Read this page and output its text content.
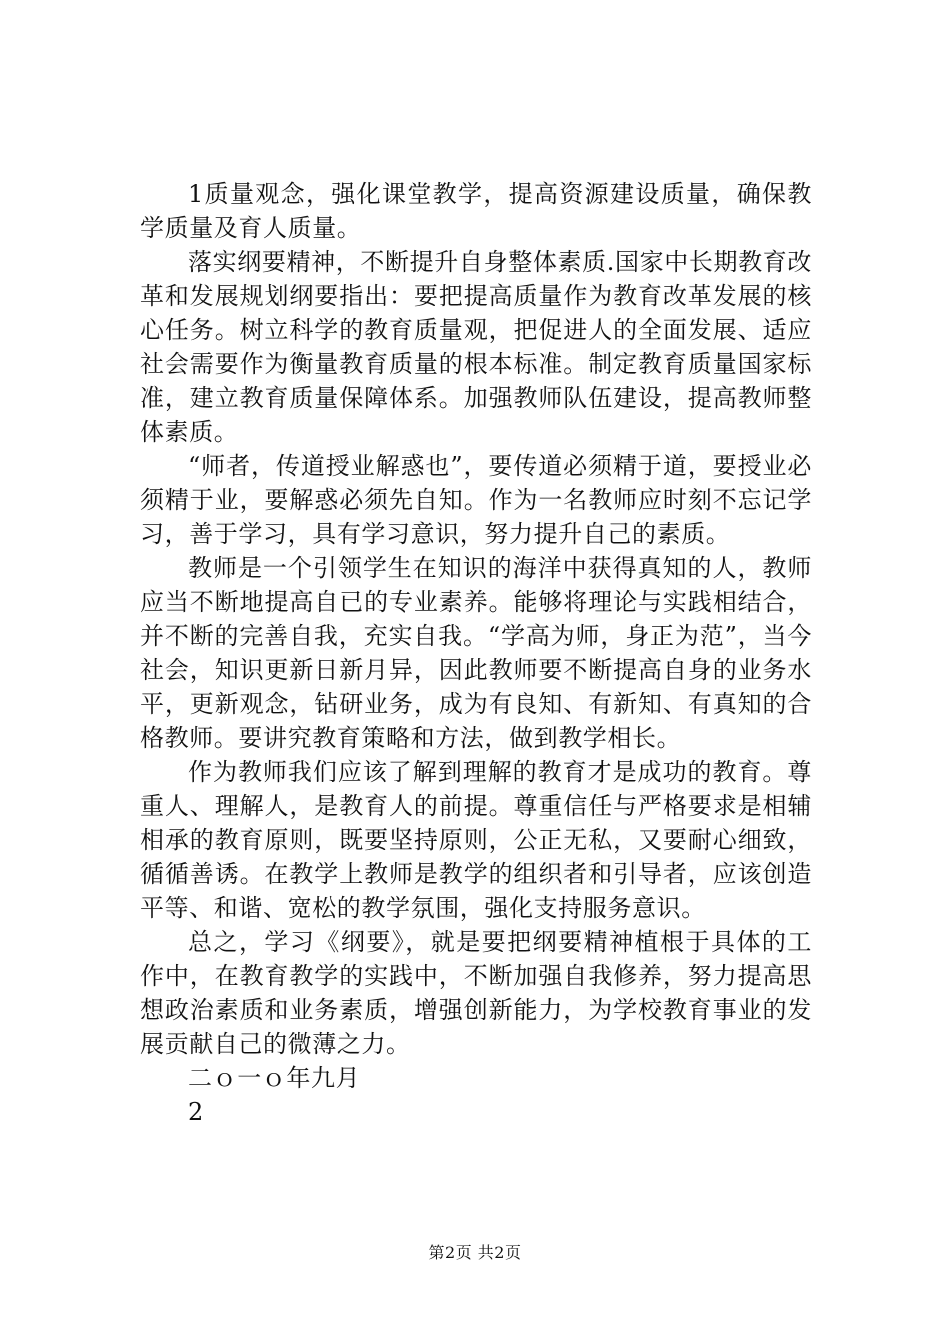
1质量观念，强化课堂教学，提高资源建设质量，确保教学质量及育人质量。

落实纲要精神，不断提升自身整体素质.国家中长期教育改革和发展规划纲要指出：要把提高质量作为教育改革发展的核心任务。树立科学的教育质量观，把促进人的全面发展、适应社会需要作为衡量教育质量的根本标准。制定教育质量国家标准，建立教育质量保障体系。加强教师队伍建设，提高教师整体素质。

“师者，传道授业解惑也”，要传道必须精于道，要授业必须精于业，要解惑必须先自知。作为一名教师应时刻不忘记学习，善于学习，具有学习意识，努力提升自己的素质。

教师是一个引领学生在知识的海洋中获得真知的人，教师应当不断地提高自已的专业素养。能够将理论与实践相结合，并不断的完善自我，充实自我。“学高为师，身正为范”，当今社会，知识更新日新月异，因此教师要不断提高自身的业务水平，更新观念，钻研业务，成为有良知、有新知、有真知的合格教师。要讲究教育策略和方法，做到教学相长。

作为教师我们应该了解到理解的教育才是成功的教育。尊重人、理解人，是教育人的前提。尊重信任与严格要求是相辅相承的教育原则，既要坚持原则，公正无私，又要耐心细致，循循善诱。在教学上教师是教学的组织者和引导者，应该创造平等、和谐、宽松的教学氛围，强化支持服务意识。

总之，学习《纲要》，就是要把纲要精神植根于具体的工作中，在教育教学的实践中，不断加强自我修养，努力提高思想政治素质和业务素质，增强创新能力，为学校教育事业的发展贡献自己的微薄之力。

二ｏ一ｏ年九月

2

第2页 共2页
